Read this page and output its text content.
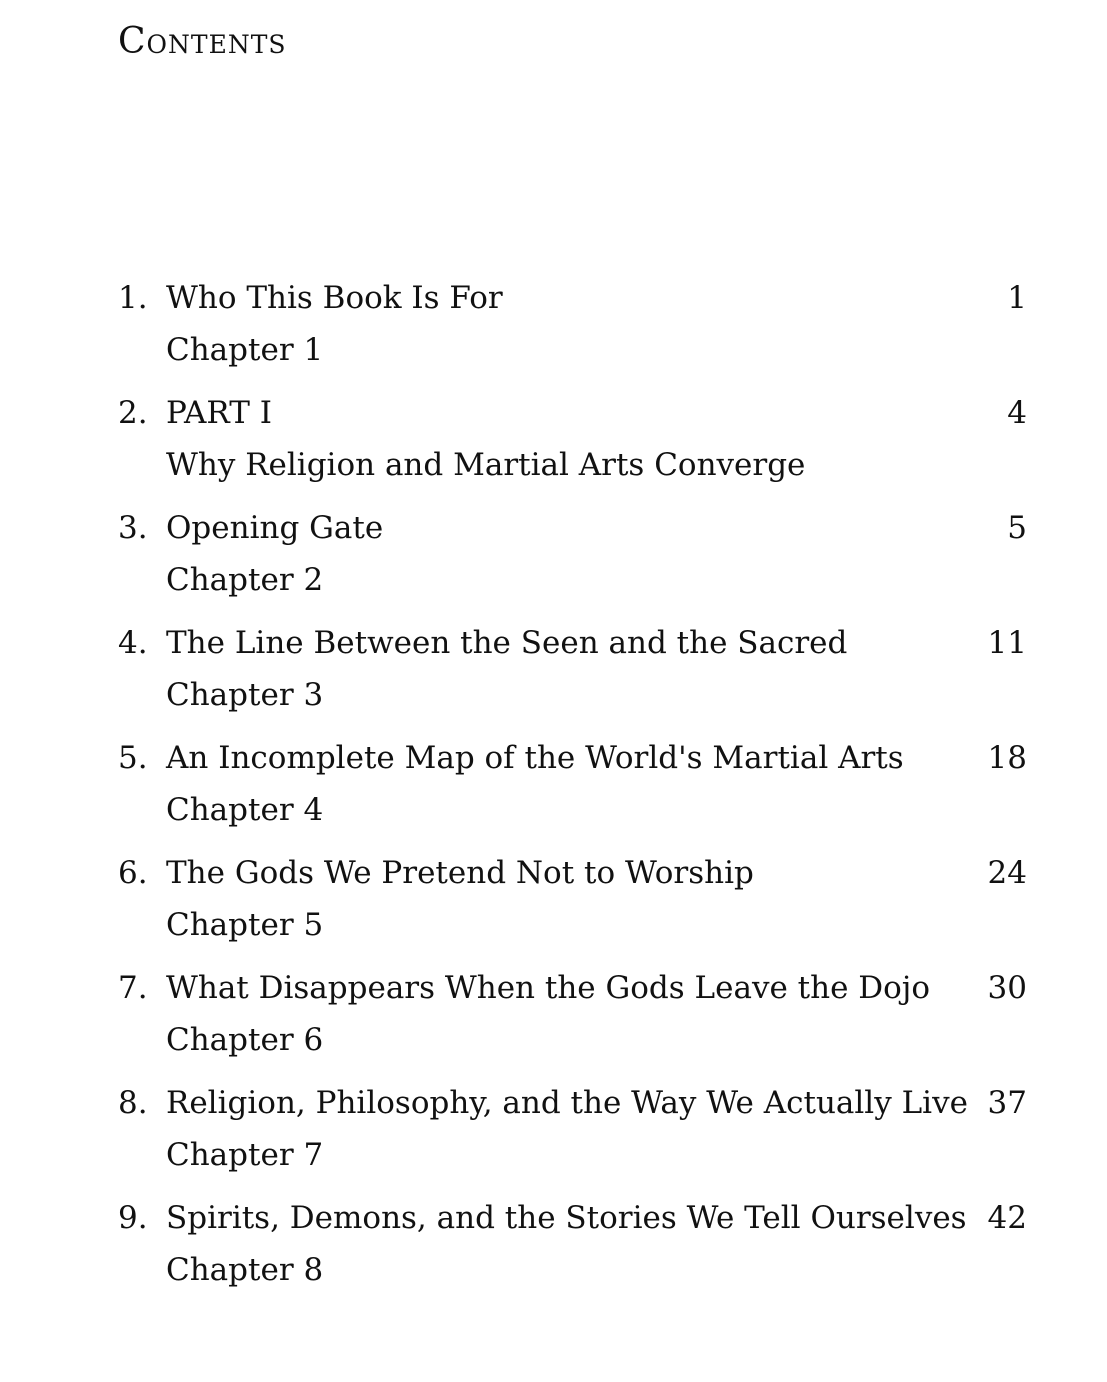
Contents
1. Who This Book Is For
Chapter 1
1
2. PART I
Why Religion and Martial Arts Converge
4
3. Opening Gate
Chapter 2
5
4. The Line Between the Seen and the Sacred
Chapter 3
11
5. An Incomplete Map of the World's Martial Arts
Chapter 4
18
6. The Gods We Pretend Not to Worship
Chapter 5
24
7. What Disappears When the Gods Leave the Dojo
Chapter 6
30
8. Religion, Philosophy, and the Way We Actually Live
Chapter 7
37
9. Spirits, Demons, and the Stories We Tell Ourselves
Chapter 8
42
